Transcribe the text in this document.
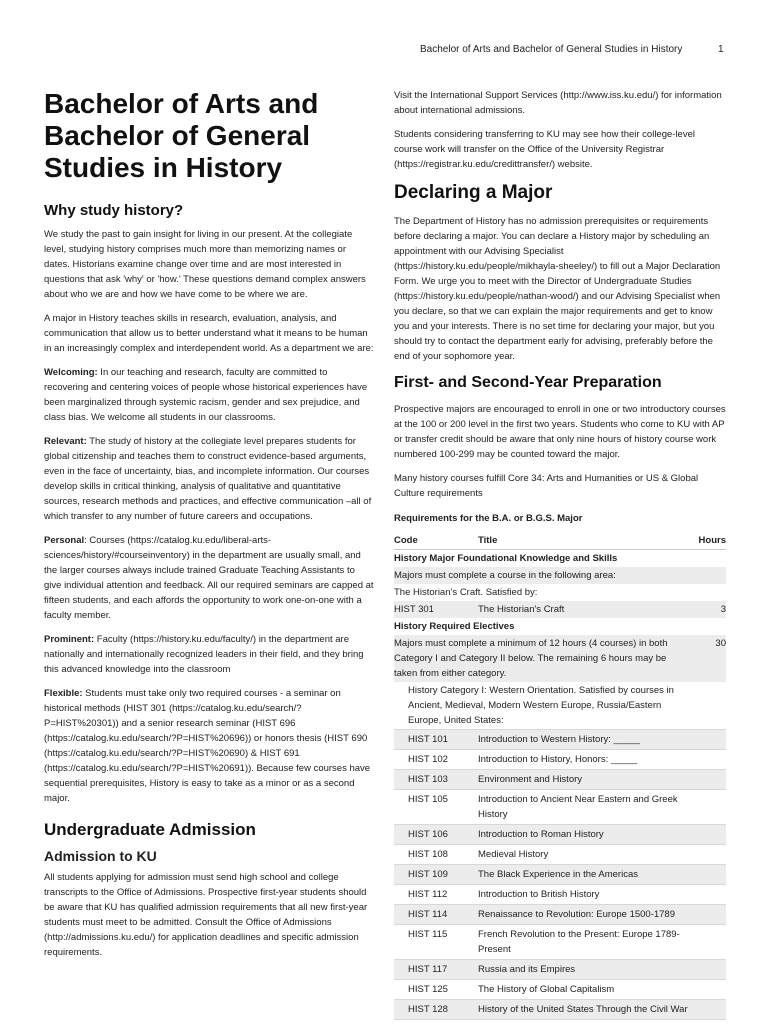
Bachelor of Arts and Bachelor of General Studies in History	1
Bachelor of Arts and
Bachelor of General
Studies in History
Why study history?

We study the past to gain insight for living in our present. At the collegiate level, studying history comprises much more than memorizing names or dates. Historians examine change over time and are most interested in questions that ask 'why' or 'how.' These questions demand complex answers about who we are and how we have come to be where we are.

A major in History teaches skills in research, evaluation, analysis, and communication that allow us to better understand what it means to be human in an increasingly complex and interdependent world. As a department we are:

Welcoming: In our teaching and research, faculty are committed to recovering and centering voices of people whose historical experiences have been marginalized through systemic racism, gender and sex prejudice, and class bias. We welcome all students in our classrooms.

Relevant: The study of history at the collegiate level prepares students for global citizenship and teaches them to construct evidence-based arguments, even in the face of uncertainty, bias, and incomplete information. Our courses develop skills in critical thinking, analysis of qualitative and quantitative sources, research methods and practices, and effective communication –all of which transfer to any number of future careers and occupations.

Personal: Courses (https://catalog.ku.edu/liberal-arts-sciences/history/#courseinventory) in the department are usually small, and the larger courses always include trained Graduate Teaching Assistants to give individual attention and feedback. All our required seminars are capped at fifteen students, and each affords the opportunity to work one-on-one with a faculty member.

Prominent: Faculty (https://history.ku.edu/faculty/) in the department are nationally and internationally recognized leaders in their field, and they bring this advanced knowledge into the classroom

Flexible: Students must take only two required courses - a seminar on historical methods (HIST 301 (https://catalog.ku.edu/search/?P=HIST%20301)) and a senior research seminar (HIST 696 (https://catalog.ku.edu/search/?P=HIST%20696)) or honors thesis (HIST 690 (https://catalog.ku.edu/search/?P=HIST%20690) & HIST 691 (https://catalog.ku.edu/search/?P=HIST%20691)). Because few courses have sequential prerequisites, History is easy to take as a minor or as a second major.

Undergraduate Admission
Admission to KU

All students applying for admission must send high school and college transcripts to the Office of Admissions. Prospective first-year students should be aware that KU has qualified admission requirements that all new first-year students must meet to be admitted. Consult the Office of Admissions (http://admissions.ku.edu/) for application deadlines and specific admission requirements.

Visit the International Support Services (http://www.iss.ku.edu/) for information about international admissions.

Students considering transferring to KU may see how their college-level course work will transfer on the Office of the University Registrar (https://registrar.ku.edu/credittransfer/) website.

Declaring a Major

The Department of History has no admission prerequisites or requirements before declaring a major. You can declare a History major by scheduling an appointment with our Advising Specialist (https://history.ku.edu/people/mikhayla-sheeley/) to fill out a Major Declaration Form. We urge you to meet with the Director of Undergraduate Studies (https://history.ku.edu/people/nathan-wood/) and our Advising Specialist when you declare, so that we can explain the major requirements and get to know you and your interests. There is no set time for declaring your major, but you should try to contact the department early for advising, preferably before the end of your sophomore year.

First- and Second-Year Preparation

Prospective majors are encouraged to enroll in one or two introductory courses at the 100 or 200 level in the first two years. Students who come to KU with AP or transfer credit should be aware that only nine hours of history course work numbered 100-299 may be counted toward the major.

Many history courses fulfill Core 34: Arts and Humanities or US & Global Culture requirements

Requirements for the B.A. or B.G.S. Major

Code	Title	Hours
History Major Foundational Knowledge and Skills
Majors must complete a course in the following area:
The Historian’s Craft. Satisfied by:
HIST 301	The Historian's Craft	3
History Required Electives
Majors must complete a minimum of 12 hours (4 courses) in both Category I and Category II below. The remaining 6 hours may be taken from either category.
30
History Category I: Western Orientation. Satisfied by courses in Ancient, Medieval, Modern Western Europe, Russia/Eastern Europe, United States:
HIST 101	Introduction to Western History: _____
HIST 102	Introduction to History, Honors: _____
HIST 103	Environment and History
HIST 105	Introduction to Ancient Near Eastern and Greek History
HIST 106	Introduction to Roman History
HIST 108	Medieval History
HIST 109	The Black Experience in the Americas
HIST 112	Introduction to British History
HIST 114	Renaissance to Revolution: Europe 1500-1789
HIST 115	French Revolution to the Present: Europe 1789-Present
HIST 117	Russia and its Empires
HIST 125	The History of Global Capitalism
HIST 128	History of the United States Through the Civil War
